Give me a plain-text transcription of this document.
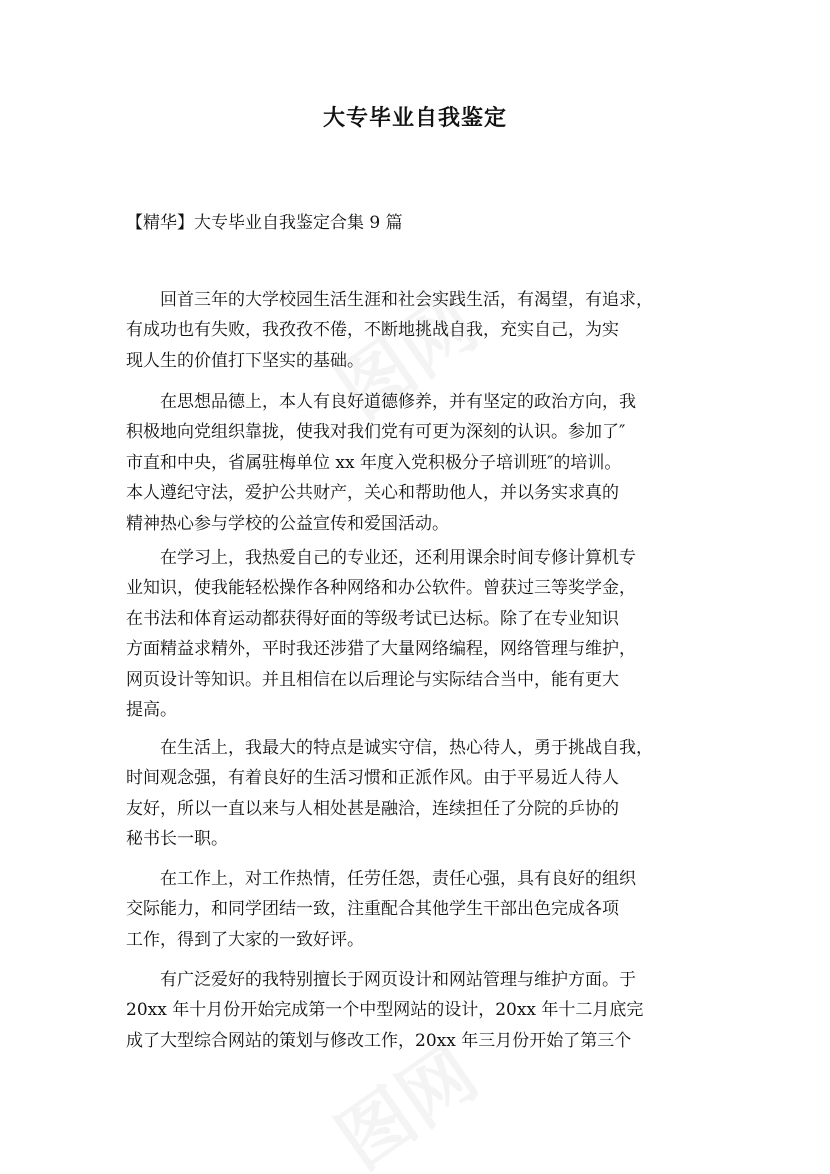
大专毕业自我鉴定
【精华】大专毕业自我鉴定合集 9 篇
回首三年的大学校园生活生涯和社会实践生活，有渴望，有追求，
有成功也有失败，我孜孜不倦，不断地挑战自我，充实自己，为实
现人生的价值打下坚实的基础。
在思想品德上，本人有良好道德修养，并有坚定的政治方向，我
积极地向党组织靠拢，使我对我们党有可更为深刻的认识。参加了″
市直和中央，省属驻梅单位 xx 年度入党积极分子培训班″的培训。
本人遵纪守法，爱护公共财产，关心和帮助他人，并以务实求真的
精神热心参与学校的公益宣传和爱国活动。
在学习上，我热爱自己的专业还，还利用课余时间专修计算机专
业知识，使我能轻松操作各种网络和办公软件。曾获过三等奖学金，
在书法和体育运动都获得好面的等级考试已达标。除了在专业知识
方面精益求精外，平时我还涉猎了大量网络编程，网络管理与维护，
网页设计等知识。并且相信在以后理论与实际结合当中，能有更大
提高。
在生活上，我最大的特点是诚实守信，热心待人，勇于挑战自我，
时间观念强，有着良好的生活习惯和正派作风。由于平易近人待人
友好，所以一直以来与人相处甚是融洽，连续担任了分院的乒协的
秘书长一职。
在工作上，对工作热情，任劳任怨，责任心强，具有良好的组织
交际能力，和同学团结一致，注重配合其他学生干部出色完成各项
工作，得到了大家的一致好评。
有广泛爱好的我特别擅长于网页设计和网站管理与维护方面。于
20xx 年十月份开始完成第一个中型网站的设计，20xx 年十二月底完
成了大型综合网站的策划与修改工作，20xx 年三月份开始了第三个
